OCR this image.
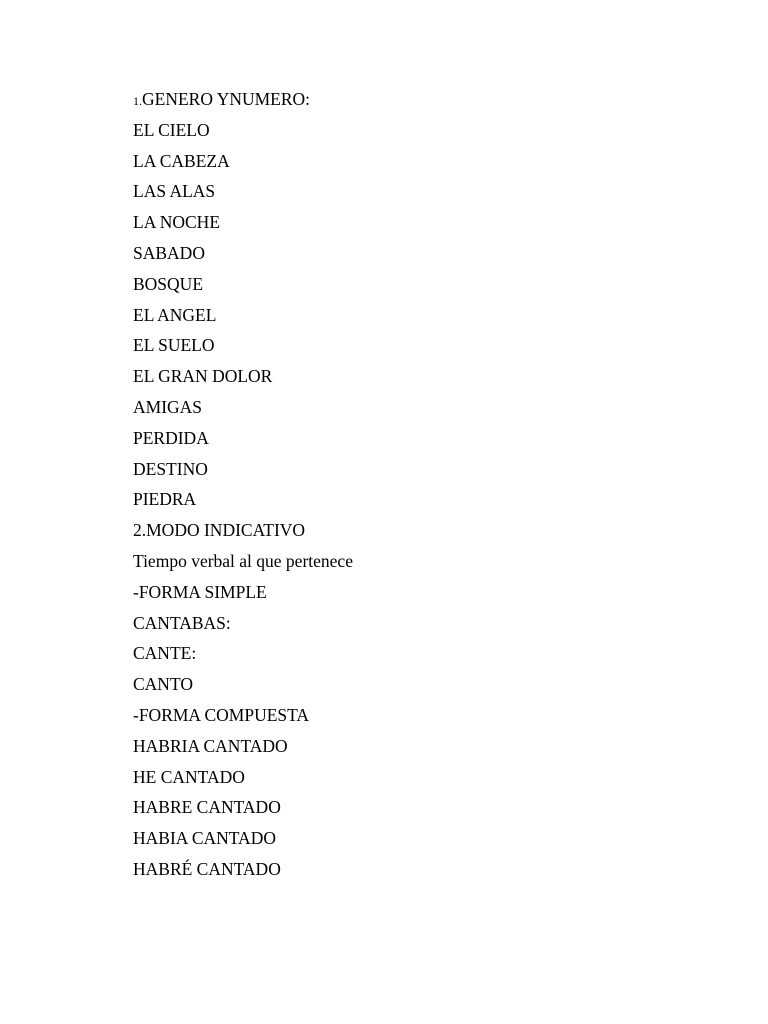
1.GENERO YNUMERO:
EL CIELO
LA CABEZA
LAS ALAS
LA NOCHE
SABADO
BOSQUE
EL ANGEL
EL SUELO
EL GRAN DOLOR
AMIGAS
PERDIDA
DESTINO
PIEDRA
2.MODO INDICATIVO
Tiempo verbal al que pertenece
-FORMA SIMPLE
CANTABAS:
CANTE:
CANTO
-FORMA COMPUESTA
HABRIA CANTADO
HE CANTADO
HABRE CANTADO
HABIA CANTADO
HABRÉ CANTADO
